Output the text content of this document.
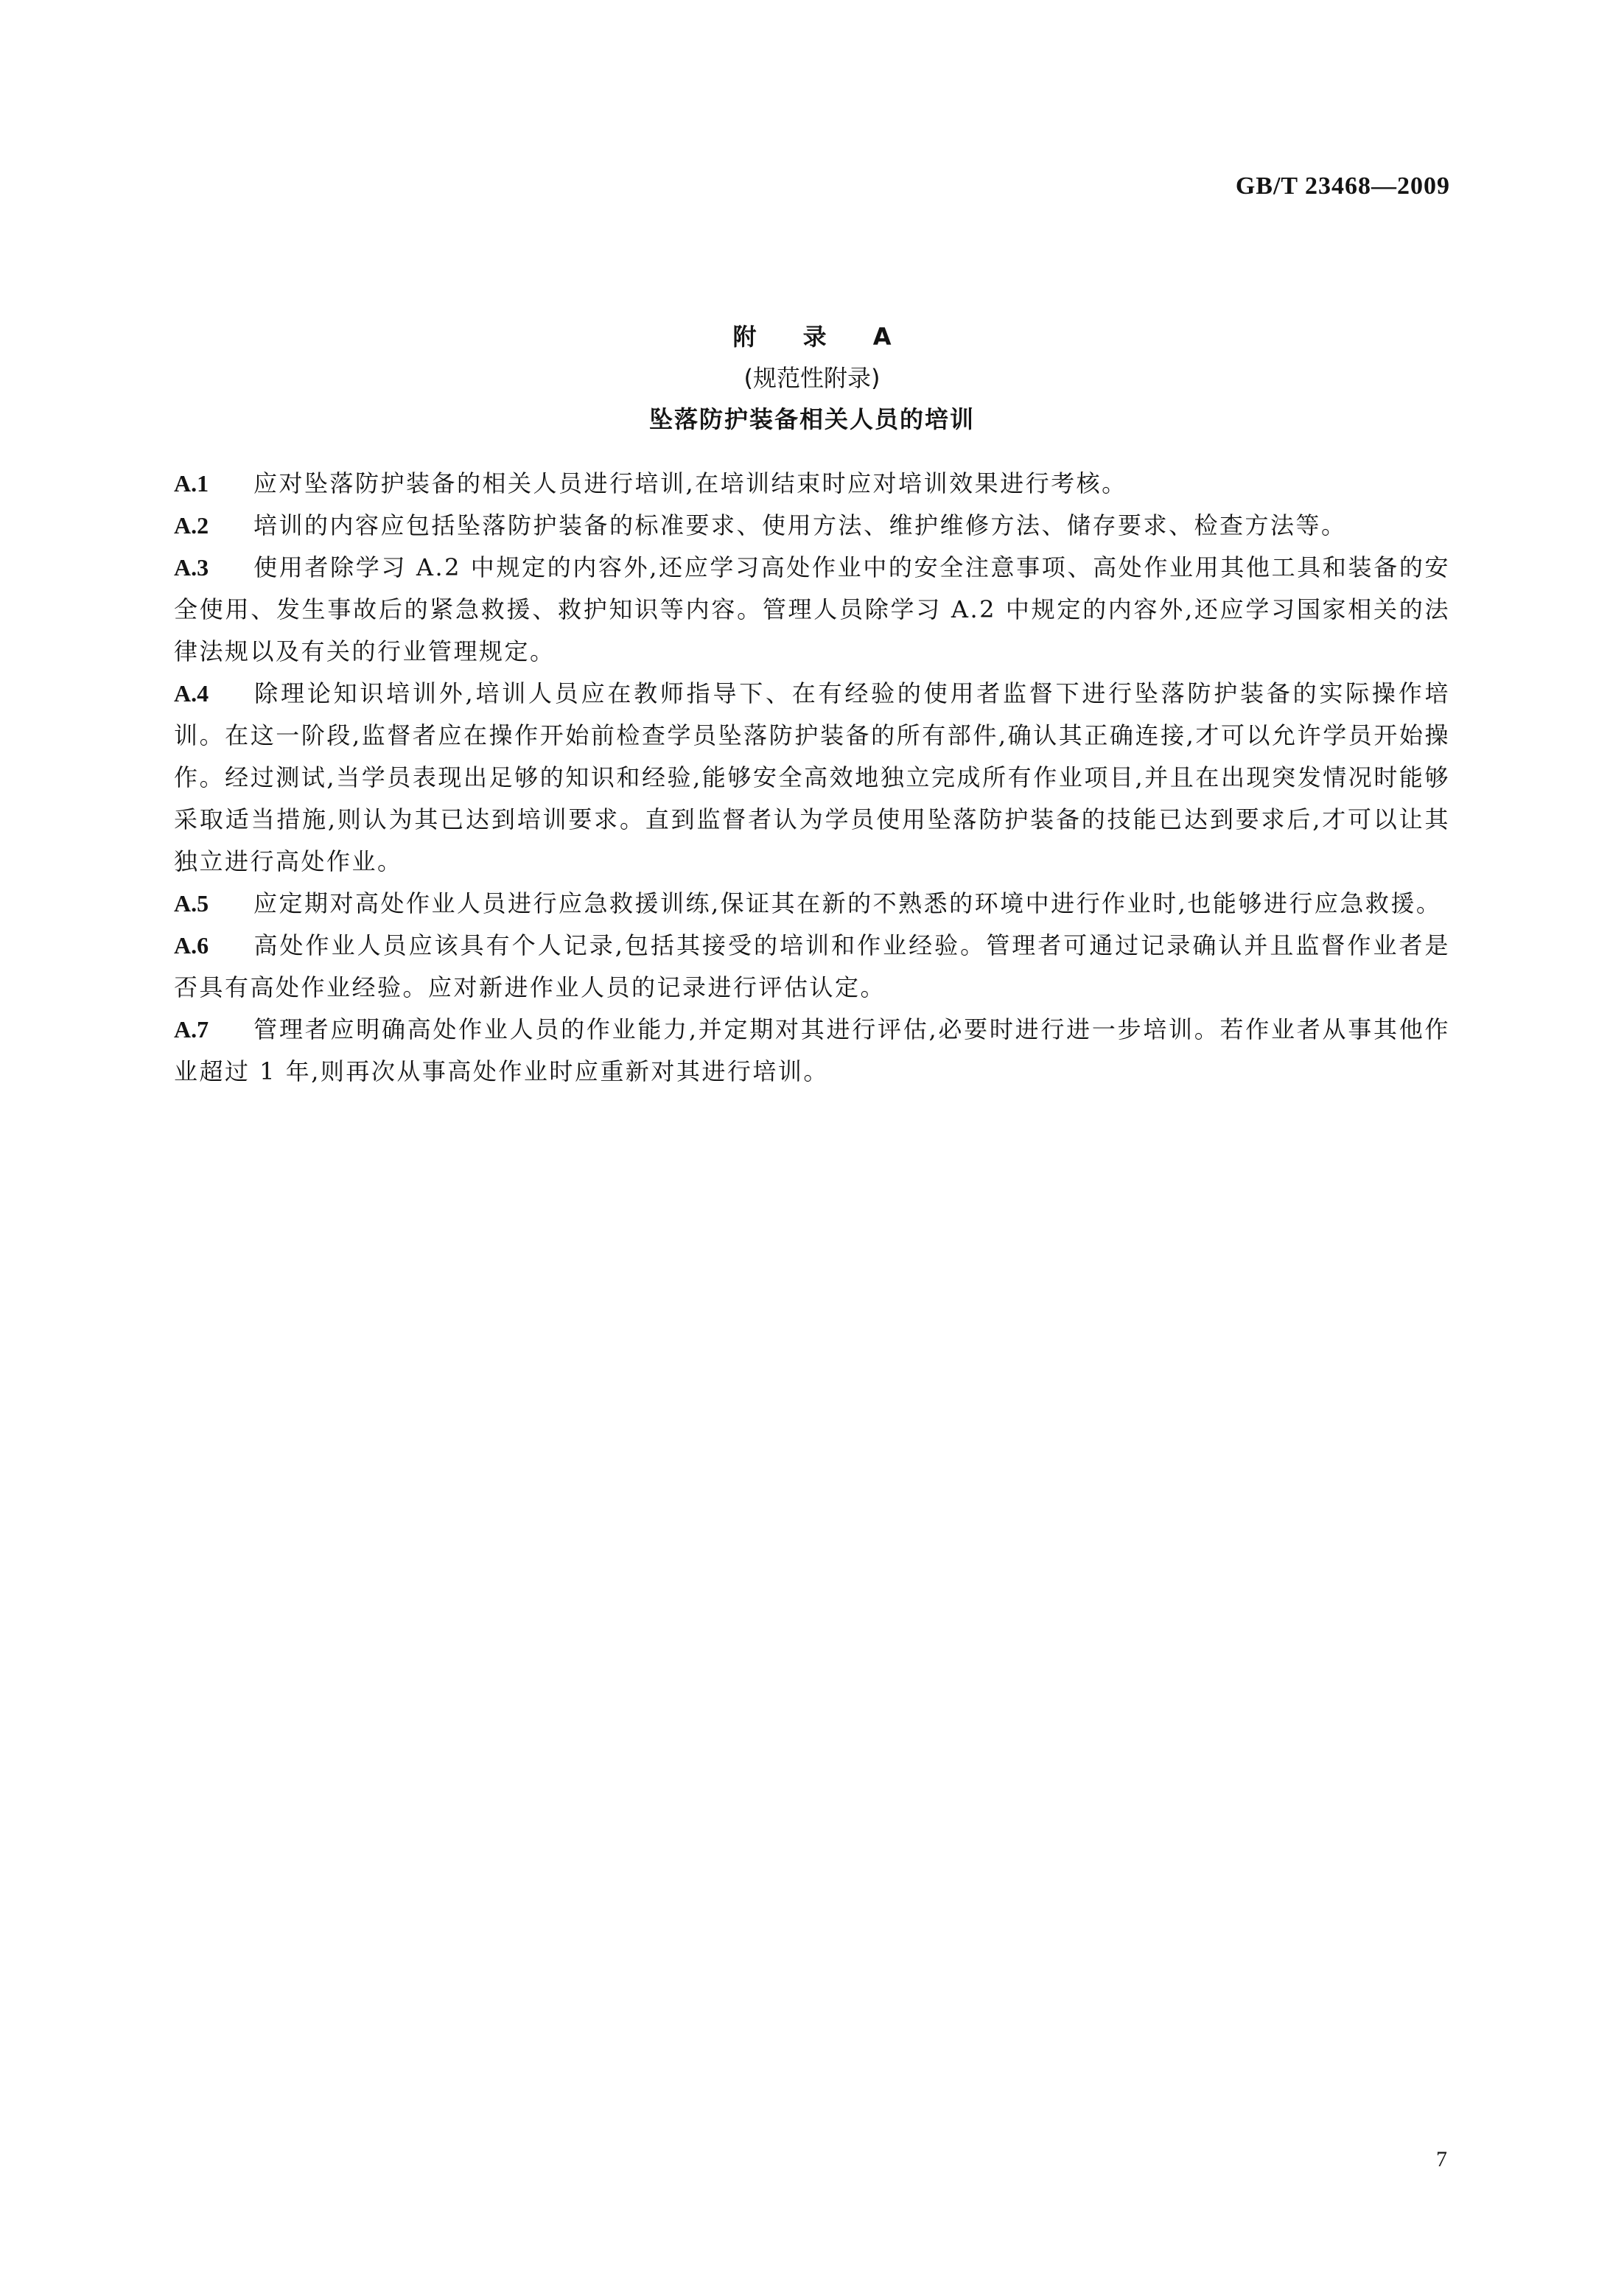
GB/T 23468—2009
附 录 A
(规范性附录)
坠落防护装备相关人员的培训

A.1 应对坠落防护装备的相关人员进行培训,在培训结束时应对培训效果进行考核。

A.2 培训的内容应包括坠落防护装备的标准要求、使用方法、维护维修方法、储存要求、检查方法等。

A.3 使用者除学习 A.2 中规定的内容外,还应学习高处作业中的安全注意事项、高处作业用其他工具和装备的安全使用、发生事故后的紧急救援、救护知识等内容。管理人员除学习 A.2 中规定的内容外,还应学习国家相关的法律法规以及有关的行业管理规定。

A.4 除理论知识培训外,培训人员应在教师指导下、在有经验的使用者监督下进行坠落防护装备的实际操作培训。在这一阶段,监督者应在操作开始前检查学员坠落防护装备的所有部件,确认其正确连接,才可以允许学员开始操作。经过测试,当学员表现出足够的知识和经验,能够安全高效地独立完成所有作业项目,并且在出现突发情况时能够采取适当措施,则认为其已达到培训要求。直到监督者认为学员使用坠落防护装备的技能已达到要求后,才可以让其独立进行高处作业。

A.5 应定期对高处作业人员进行应急救援训练,保证其在新的不熟悉的环境中进行作业时,也能够进行应急救援。

A.6 高处作业人员应该具有个人记录,包括其接受的培训和作业经验。管理者可通过记录确认并且监督作业者是否具有高处作业经验。应对新进作业人员的记录进行评估认定。

A.7 管理者应明确高处作业人员的作业能力,并定期对其进行评估,必要时进行进一步培训。若作业者从事其他作业超过 1 年,则再次从事高处作业时应重新对其进行培训。

7
